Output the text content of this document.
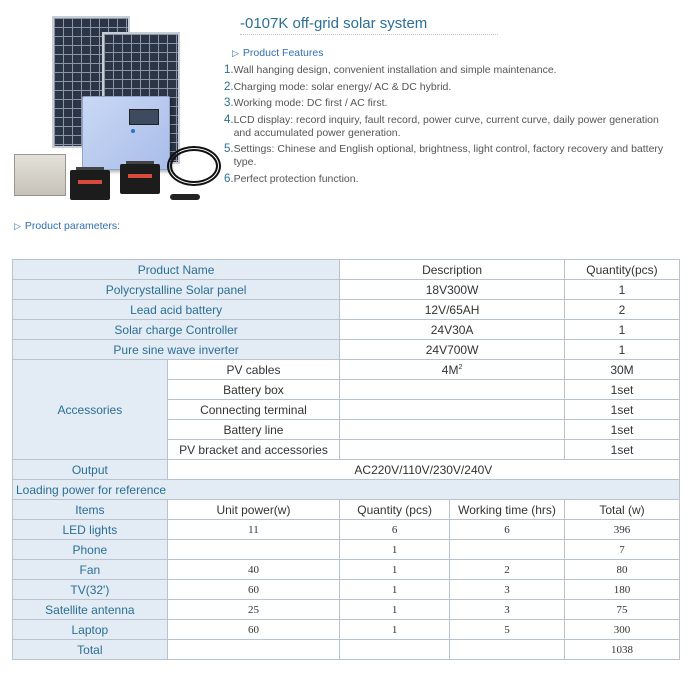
-0107K off-grid solar system
▷ Product Features
1. Wall hanging design, convenient installation and simple maintenance.
2. Charging mode: solar energy/ AC & DC hybrid.
3. Working mode: DC first / AC first.
4. LCD display: record inquiry, fault record, power curve, current curve, daily power generation and accumulated power generation.
5. Settings: Chinese and English optional, brightness, light control, factory recovery and battery type.
6. Perfect protection function.
▷ Product parameters:
Product Name		Description		Quantity(pcs)
Polycrystalline Solar panel		18V300W		1
Lead acid battery		12V/65AH		2
Solar charge Controller		24V30A		1
Pure sine wave inverter		24V700W		1
Accessories	PV cables	$4M^2$		30M
	Battery box			1set
	Connecting terminal			1set
	Battery line			1set
	PV bracket and accessories			1set
Output	AC220V/110V/230V/240V			
Loading power for reference				
Items	Unit power(w)	Quantity (pcs)	Working time (hrs)	Total (w)
LED lights	11	6	6	396
Phone		1		7
Fan	40	1	2	80
TV(32')	60	1	3	180
Satellite antenna	25	1	3	75
Laptop	60	1	5	300
Total				1038
